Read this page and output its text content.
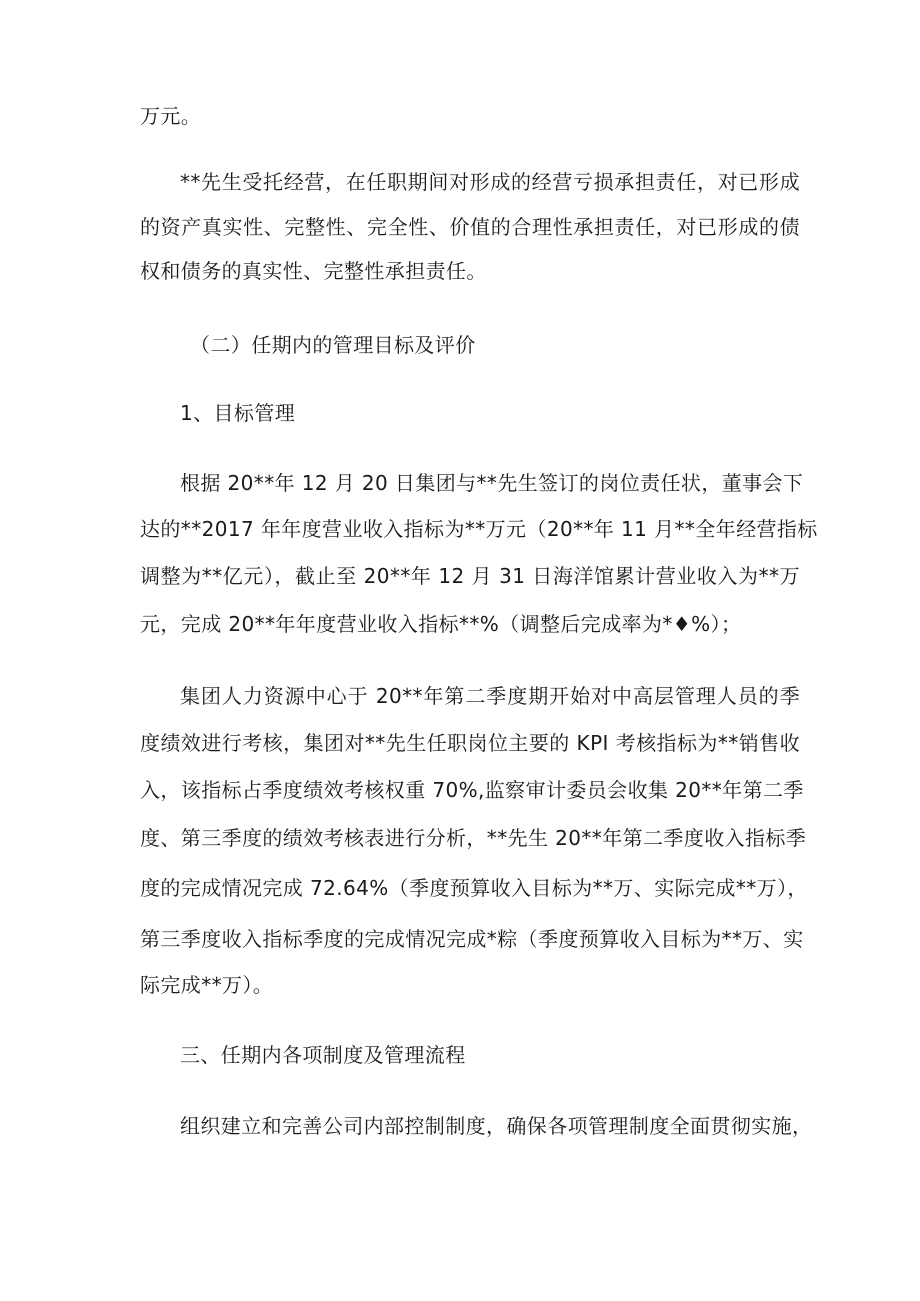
万元。
**先生受托经营，在任职期间对形成的经营亏损承担责任，对已形成
的资产真实性、完整性、完全性、价值的合理性承担责任，对已形成的债
权和债务的真实性、完整性承担责任。
（二）任期内的管理目标及评价
1、目标管理
根据 20**年 12 月 20 日集团与**先生签订的岗位责任状，董事会下
达的**2017 年年度营业收入指标为**万元（20**年 11 月**全年经营指标
调整为**亿元），截止至 20**年 12 月 31 日海洋馆累计营业收入为**万
元，完成 20**年年度营业收入指标**%（调整后完成率为*♦%）；
集团人力资源中心于 20**年第二季度期开始对中高层管理人员的季
度绩效进行考核，集团对**先生任职岗位主要的 KPI 考核指标为**销售收
入，该指标占季度绩效考核权重 70%,监察审计委员会收集 20**年第二季
度、第三季度的绩效考核表进行分析，**先生 20**年第二季度收入指标季
度的完成情况完成 72.64%（季度预算收入目标为**万、实际完成**万），
第三季度收入指标季度的完成情况完成*粽（季度预算收入目标为**万、实
际完成**万）。
三、任期内各项制度及管理流程
组织建立和完善公司内部控制制度，确保各项管理制度全面贯彻实施，
